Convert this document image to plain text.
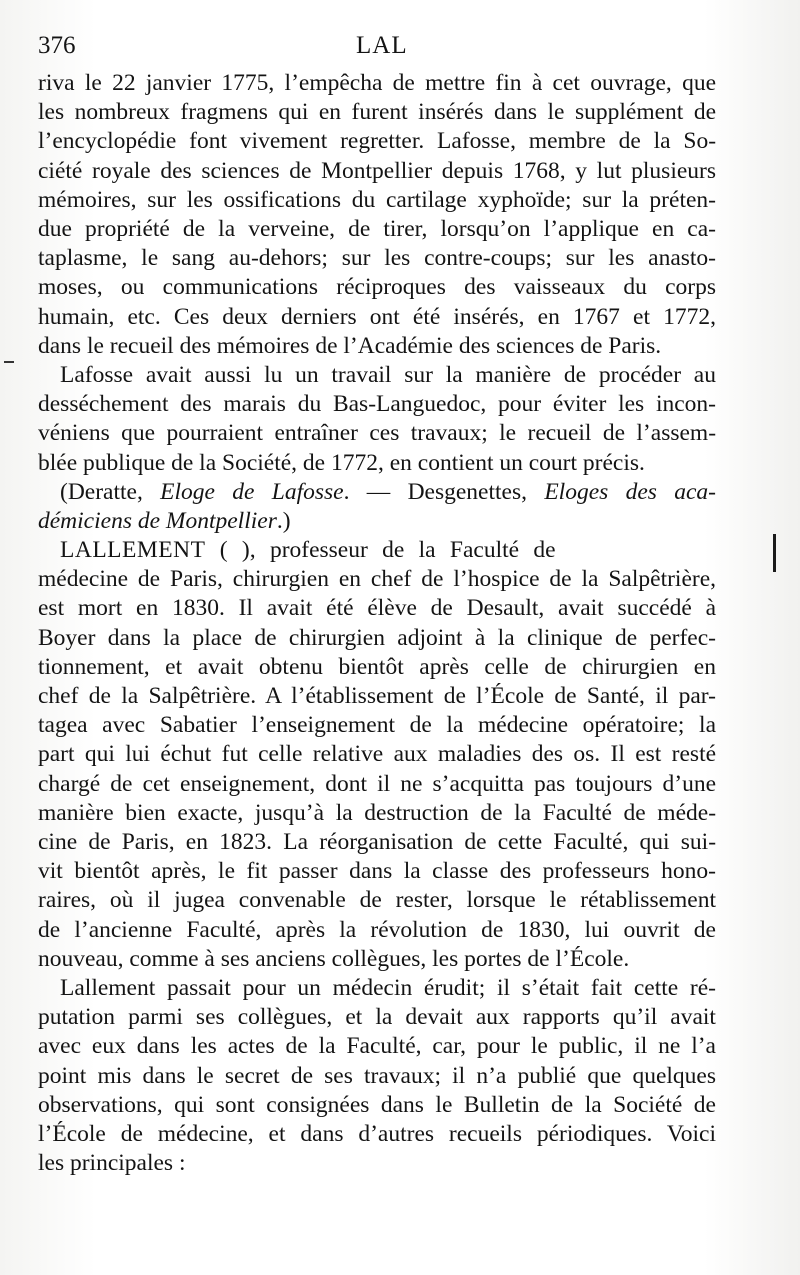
376	LAL
riva le 22 janvier 1775, l’empêcha de mettre fin à cet ouvrage, que
les nombreux fragmens qui en furent insérés dans le supplément de
l’encyclopédie font vivement regretter. Lafosse, membre de la So-
ciété royale des sciences de Montpellier depuis 1768, y lut plusieurs
mémoires, sur les ossifications du cartilage xyphoïde; sur la préten-
due propriété de la verveine, de tirer, lorsqu’on l’applique en ca-
taplasme, le sang au-dehors; sur les contre-coups; sur les anasto-
moses, ou communications réciproques des vaisseaux du corps
humain, etc. Ces deux derniers ont été insérés, en 1767 et 1772,
dans le recueil des mémoires de l’Académie des sciences de Paris.
Lafosse avait aussi lu un travail sur la manière de procéder au
desséchement des marais du Bas-Languedoc, pour éviter les incon-
véniens que pourraient entraîner ces travaux; le recueil de l’assem-
blée publique de la Société, de 1772, en contient un court précis.
(Deratte, Eloge de Lafosse. — Desgenettes, Eloges des aca-
démiciens de Montpellier.)
LALLEMENT ( ), professeur de la Faculté de
médecine de Paris, chirurgien en chef de l’hospice de la Salpêtrière,
est mort en 1830. Il avait été élève de Desault, avait succédé à
Boyer dans la place de chirurgien adjoint à la clinique de perfec-
tionnement, et avait obtenu bientôt après celle de chirurgien en
chef de la Salpêtrière. A l’établissement de l’École de Santé, il par-
tagea avec Sabatier l’enseignement de la médecine opératoire; la
part qui lui échut fut celle relative aux maladies des os. Il est resté
chargé de cet enseignement, dont il ne s’acquitta pas toujours d’une
manière bien exacte, jusqu’à la destruction de la Faculté de méde-
cine de Paris, en 1823. La réorganisation de cette Faculté, qui sui-
vit bientôt après, le fit passer dans la classe des professeurs hono-
raires, où il jugea convenable de rester, lorsque le rétablissement
de l’ancienne Faculté, après la révolution de 1830, lui ouvrit de
nouveau, comme à ses anciens collègues, les portes de l’École.
Lallement passait pour un médecin érudit; il s’était fait cette ré-
putation parmi ses collègues, et la devait aux rapports qu’il avait
avec eux dans les actes de la Faculté, car, pour le public, il ne l’a
point mis dans le secret de ses travaux; il n’a publié que quelques
observations, qui sont consignées dans le Bulletin de la Société de
l’École de médecine, et dans d’autres recueils périodiques. Voici
les principales :
